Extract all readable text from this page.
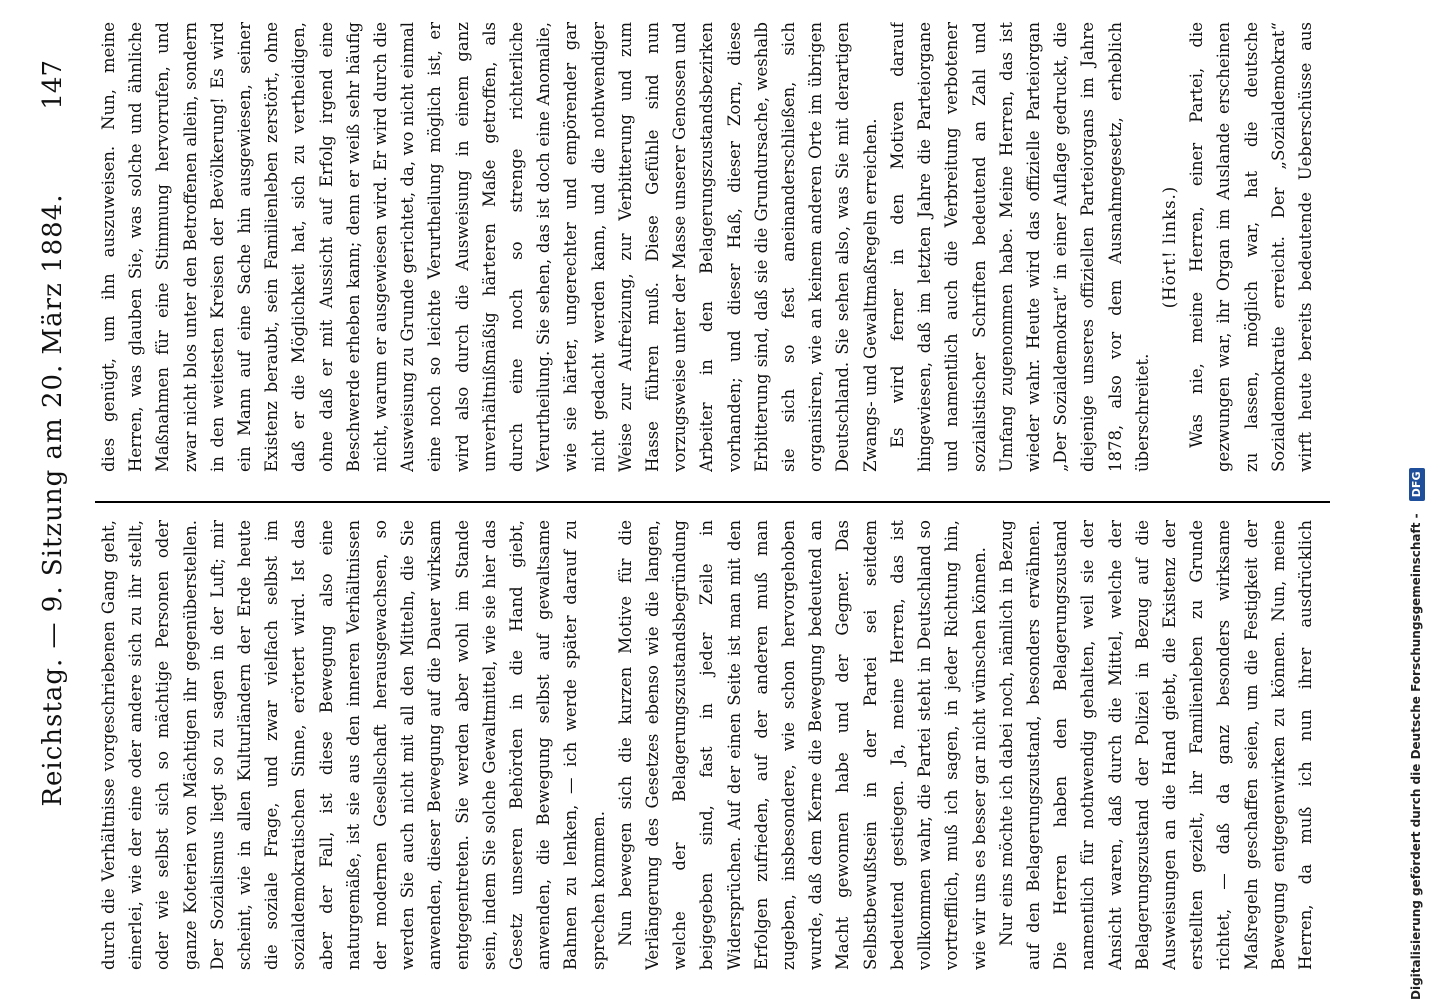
Reichstag. — 9. Sitzung am 20. März 1884.
147

durch die Verhältnisse vorgeschriebenen Gang geht, einerlei, wie der eine oder andere sich zu ihr stellt, oder wie selbst sich so mächtige Personen oder ganze Koterien von Mächtigen ihr gegenüberstellen. Der Sozialismus liegt so zu sagen in der Luft; mir scheint, wie in allen Kulturländern der Erde heute die soziale Frage, und zwar vielfach selbst im sozialdemokratischen Sinne, erörtert wird. Ist das aber der Fall, ist diese Bewegung also eine naturgemäße, ist sie aus den inneren Verhältnissen der modernen Gesellschaft herausgewachsen, so werden Sie auch nicht mit all den Mitteln, die Sie anwenden, dieser Bewegung auf die Dauer wirksam entgegentreten. Sie werden aber wohl im Stande sein, indem Sie solche Gewaltmittel, wie sie hier das Gesetz unseren Behörden in die Hand giebt, anwenden, die Bewegung selbst auf gewaltsame Bahnen zu lenken, — ich werde später darauf zu sprechen kommen. Nun bewegen sich die kurzen Motive für die Verlängerung des Gesetzes ebenso wie die langen, welche der Belagerungszustandsbegründung beigegeben sind, fast in jeder Zeile in Widersprüchen. Auf der einen Seite ist man mit den Erfolgen zufrieden, auf der anderen muß man zugeben, insbesondere, wie schon hervorgehoben wurde, daß dem Kerne die Bewegung bedeutend an Macht gewonnen habe und der Gegner. Das Selbstbewußtsein in der Partei sei seitdem bedeutend gestiegen. Ja, meine Herren, das ist vollkommen wahr, die Partei steht in Deutschland so vortrefflich, muß ich sagen, in jeder Richtung hin, wie wir uns es besser gar nicht wünschen können. Nur eins möchte ich dabei noch, nämlich in Bezug auf den Belagerungszustand, besonders erwähnen. Die Herren haben den Belagerungszustand namentlich für nothwendig gehalten, weil sie der Ansicht waren, daß durch die Mittel, welche der Belagerungszustand der Polizei in Bezug auf die Ausweisungen an die Hand giebt, die Existenz der erstellten gezielt, ihr Familienleben zu Grunde richtet, — daß da ganz besonders wirksame Maßregeln geschaffen seien, um die Festigkeit der Bewegung entgegenwirken zu können. Nun, meine Herren, da muß ich nun ihrer ausdrücklich

dies genügt, um ihn auszuweisen. Nun, meine Herren, was glauben Sie, was solche und ähnliche Maßnahmen für eine Stimmung hervorrufen, und zwar nicht blos unter den Betroffenen allein, sondern in den weitesten Kreisen der Bevölkerung! Es wird ein Mann auf eine Sache hin ausgewiesen, seiner Existenz beraubt, sein Familienleben zerstört, ohne daß er die Möglichkeit hat, sich zu vertheidigen, ohne daß er mit Aussicht auf Erfolg irgend eine Beschwerde erheben kann; denn er weiß sehr häufig nicht, warum er ausgewiesen wird. Er wird durch die Ausweisung zu Grunde gerichtet, da, wo nicht einmal eine noch so leichte Verurtheilung möglich ist, er wird also durch die Ausweisung in einem ganz unverhältnißmäßig härteren Maße getroffen, als durch eine noch so strenge richterliche Verurtheilung. Sie sehen, das ist doch eine Anomalie, wie sie härter, ungerechter und empörender gar nicht gedacht werden kann, und die nothwendiger Weise zur Aufreizung, zur Verbitterung und zum Hasse führen muß. Diese Gefühle sind nun vorzugsweise unter der Masse unserer Genossen und Arbeiter in den Belagerungszustandsbezirken vorhanden; und dieser Haß, dieser Zorn, diese Erbitterung sind, daß sie die Grundursache, weshalb sie sich so fest aneinanderschließen, sich organisiren, wie an keinem anderen Orte im übrigen Deutschland. Sie sehen also, was Sie mit derartigen Zwangs- und Gewaltmaßregeln erreichen. Es wird ferner in den Motiven darauf hingewiesen, daß im letzten Jahre die Parteiorgane und namentlich auch die Verbreitung verbotener sozialistischer Schriften bedeutend an Zahl und Umfang zugenommen habe. Meine Herren, das ist wieder wahr. Heute wird das offizielle Parteiorgan „Der Sozialdemokrat“ in einer Auflage gedruckt, die diejenige unseres offiziellen Parteiorgans im Jahre 1878, also vor dem Ausnahmegesetz, erheblich überschreitet.

(Hört! links.)

Was nie, meine Herren, einer Partei, die gezwungen war, ihr Organ im Auslande erscheinen zu lassen, möglich war, hat die deutsche Sozialdemokratie erreicht. Der „Sozialdemokrat“ wirft heute bereits bedeutende Ueberschüsse aus

Digitalisierung gefördert durch die Deutsche Forschungsgemeinschaft - DFG
